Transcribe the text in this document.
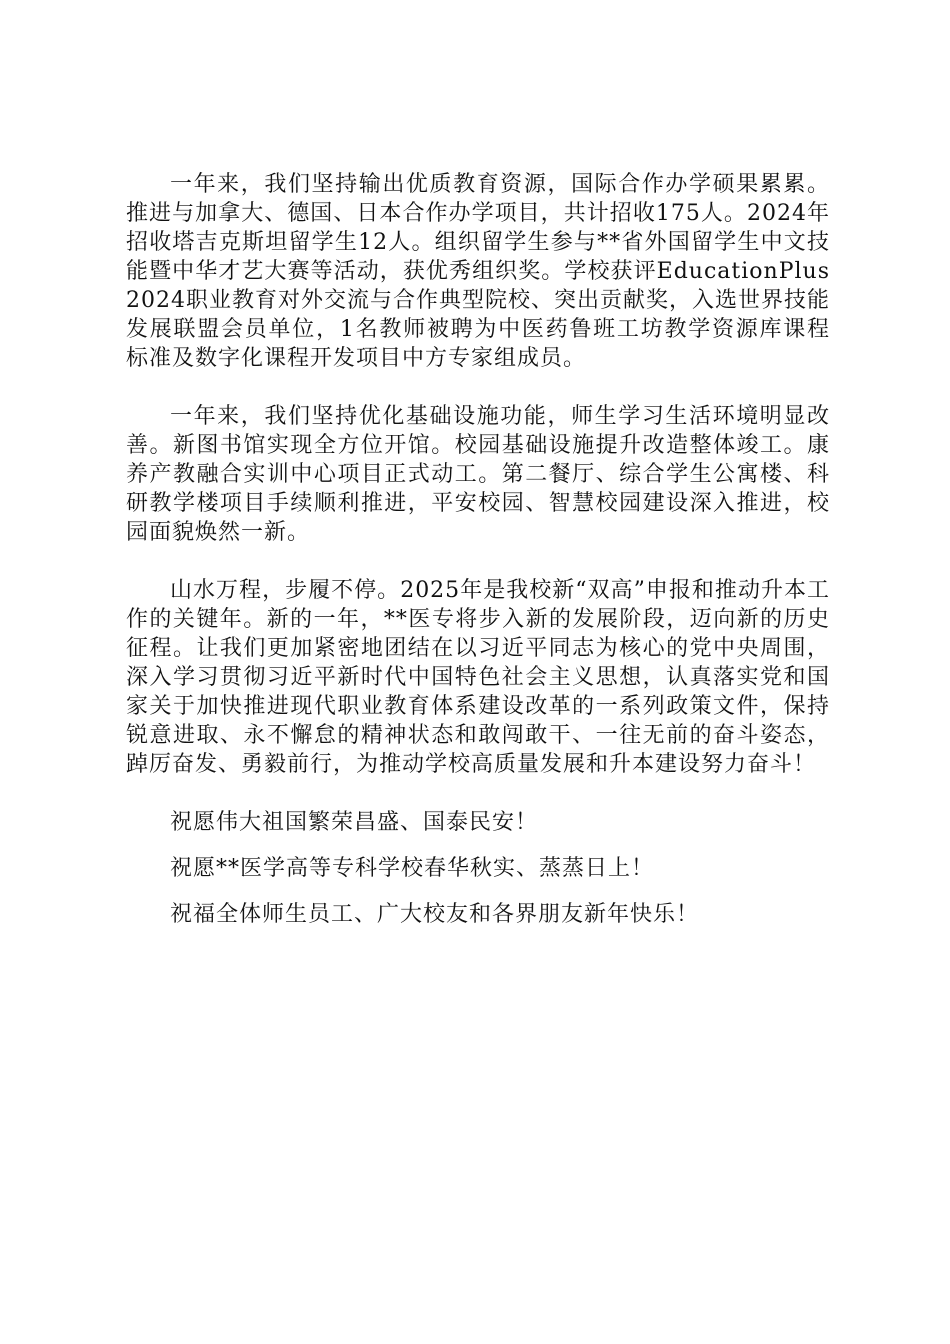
一年来，我们坚持输出优质教育资源，国际合作办学硕果累累。推进与加拿大、德国、日本合作办学项目，共计招收175人。2024年招收塔吉克斯坦留学生12人。组织留学生参与**省外国留学生中文技能暨中华才艺大赛等活动，获优秀组织奖。学校获评EducationPlus2024职业教育对外交流与合作典型院校、突出贡献奖，入选世界技能发展联盟会员单位，1名教师被聘为中医药鲁班工坊教学资源库课程标准及数字化课程开发项目中方专家组成员。

一年来，我们坚持优化基础设施功能，师生学习生活环境明显改善。新图书馆实现全方位开馆。校园基础设施提升改造整体竣工。康养产教融合实训中心项目正式动工。第二餐厅、综合学生公寓楼、科研教学楼项目手续顺利推进，平安校园、智慧校园建设深入推进，校园面貌焕然一新。

山水万程，步履不停。2025年是我校新“双高”申报和推动升本工作的关键年。新的一年，**医专将步入新的发展阶段，迈向新的历史征程。让我们更加紧密地团结在以习近平同志为核心的党中央周围，深入学习贯彻习近平新时代中国特色社会主义思想，认真落实党和国家关于加快推进现代职业教育体系建设改革的一系列政策文件，保持锐意进取、永不懈怠的精神状态和敢闯敢干、一往无前的奋斗姿态，踔厉奋发、勇毅前行，为推动学校高质量发展和升本建设努力奋斗！

祝愿伟大祖国繁荣昌盛、国泰民安！

祝愿**医学高等专科学校春华秋实、蒸蒸日上！

祝福全体师生员工、广大校友和各界朋友新年快乐！
